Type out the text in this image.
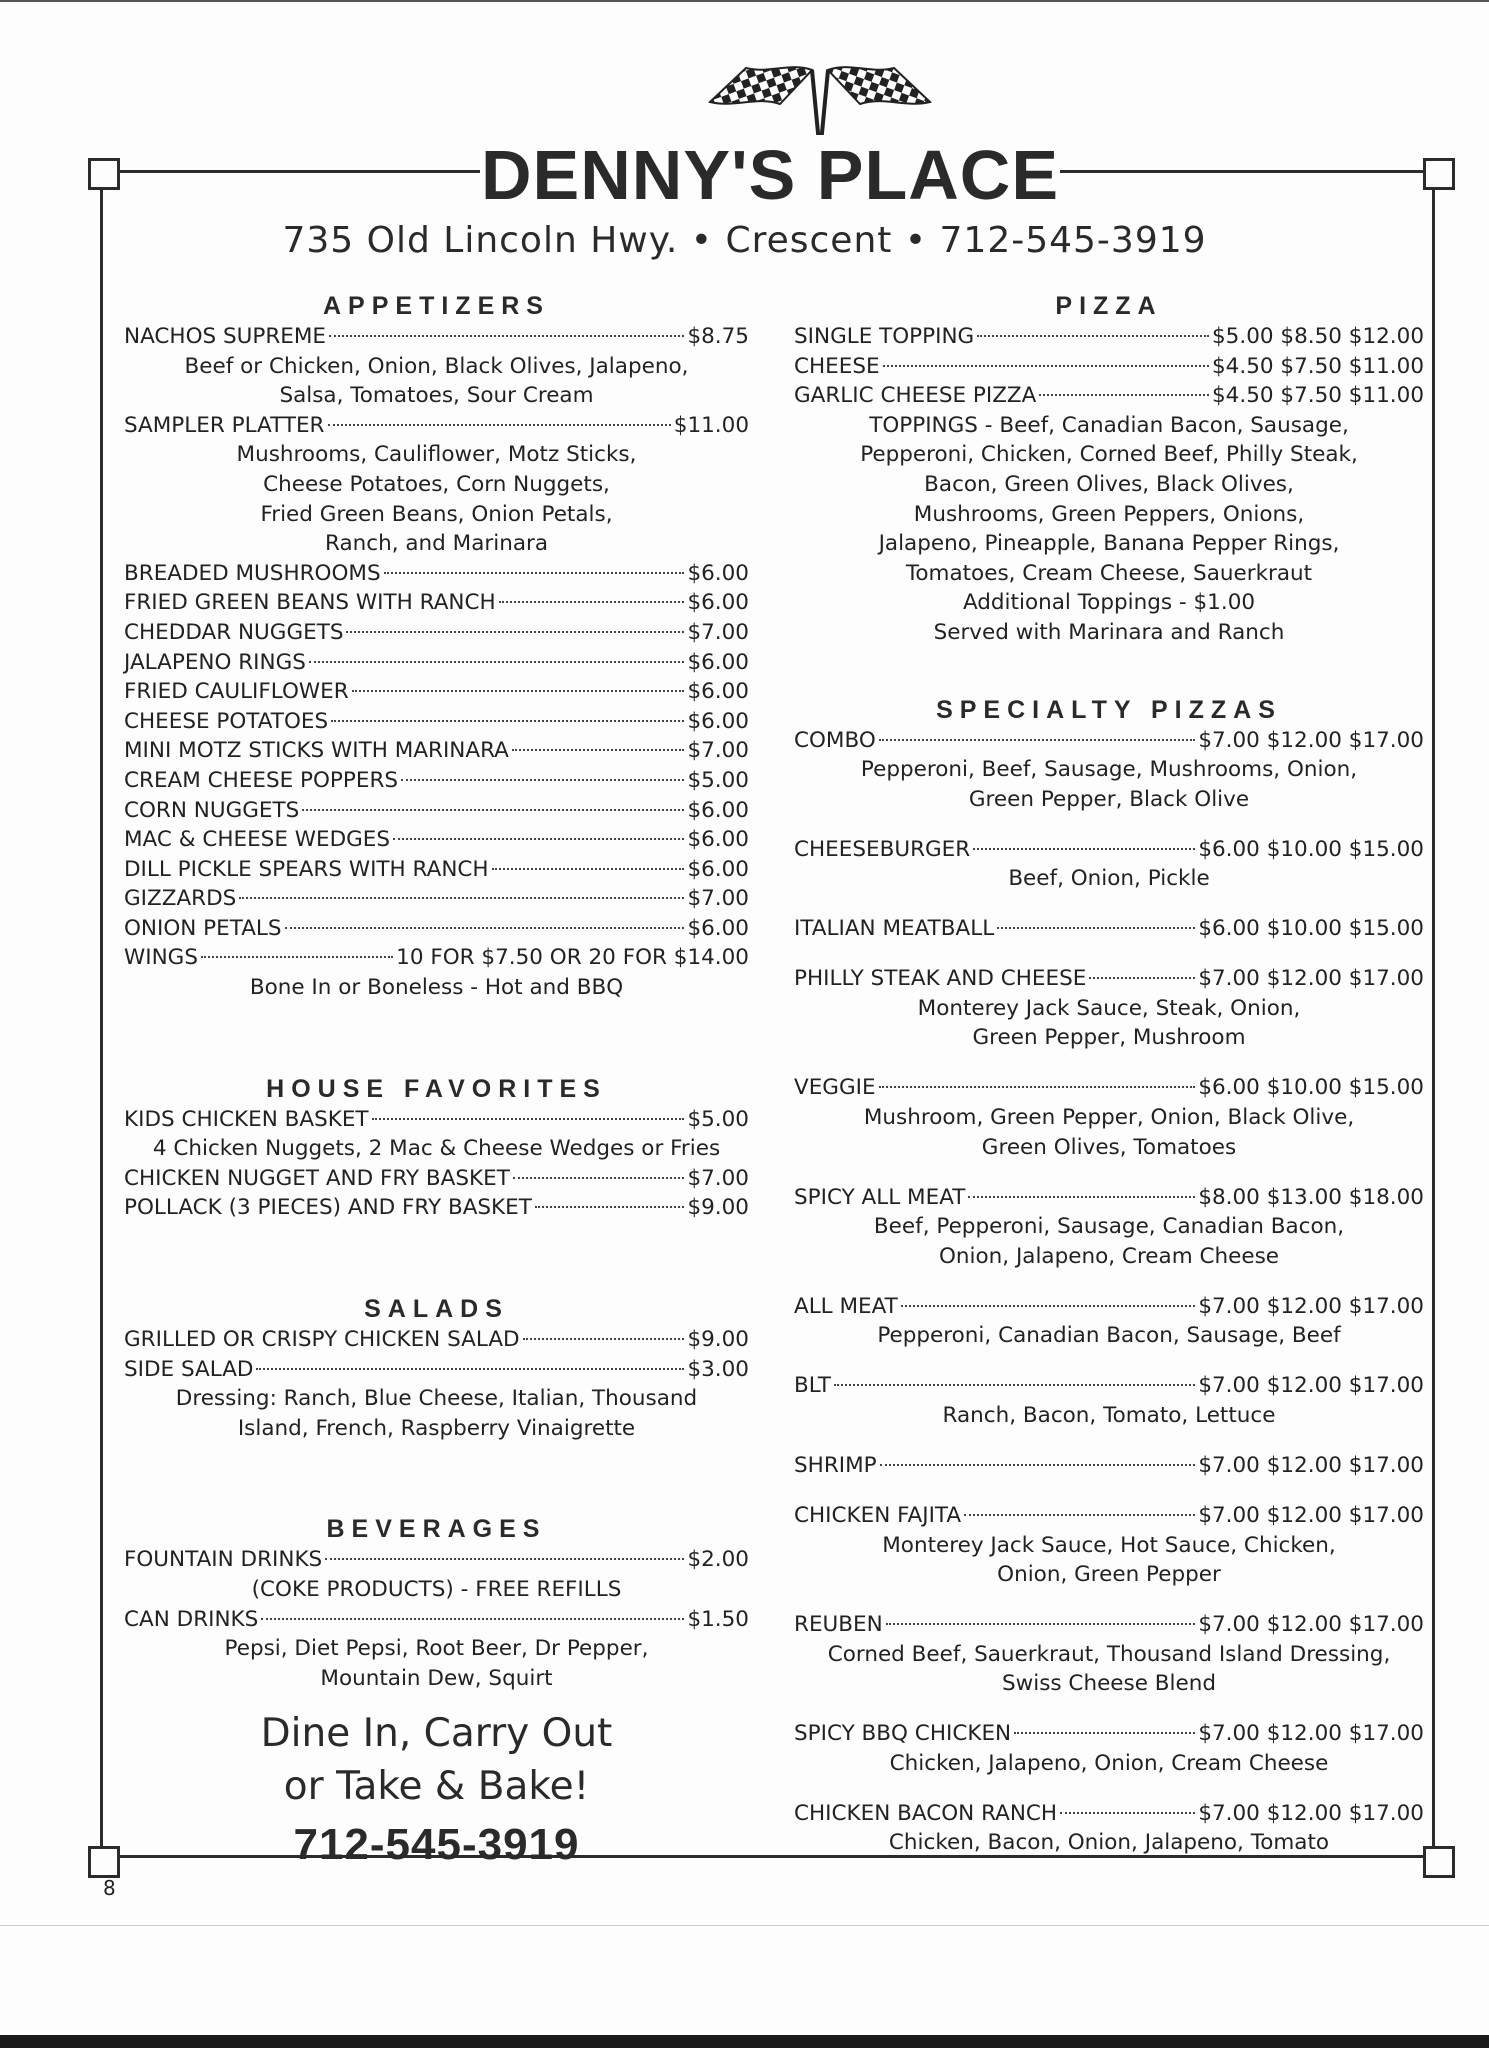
DENNY'S PLACE
735 Old Lincoln Hwy. • Crescent • 712-545-3919
APPETIZERS
NACHOS SUPREME	$8.75
Beef or Chicken, Onion, Black Olives, Jalapeno,
Salsa, Tomatoes, Sour Cream
SAMPLER PLATTER	$11.00
Mushrooms, Cauliflower, Motz Sticks,
Cheese Potatoes, Corn Nuggets,
Fried Green Beans, Onion Petals,
Ranch, and Marinara
BREADED MUSHROOMS	$6.00
FRIED GREEN BEANS WITH RANCH	$6.00
CHEDDAR NUGGETS	$7.00
JALAPENO RINGS	$6.00
FRIED CAULIFLOWER	$6.00
CHEESE POTATOES	$6.00
MINI MOTZ STICKS WITH MARINARA	$7.00
CREAM CHEESE POPPERS	$5.00
CORN NUGGETS	$6.00
MAC & CHEESE WEDGES	$6.00
DILL PICKLE SPEARS WITH RANCH	$6.00
GIZZARDS	$7.00
ONION PETALS	$6.00
WINGS	10 FOR $7.50 OR 20 FOR $14.00
Bone In or Boneless - Hot and BBQ
HOUSE FAVORITES
KIDS CHICKEN BASKET	$5.00
4 Chicken Nuggets, 2 Mac & Cheese Wedges or Fries
CHICKEN NUGGET AND FRY BASKET	$7.00
POLLACK (3 PIECES) AND FRY BASKET	$9.00
SALADS
GRILLED OR CRISPY CHICKEN SALAD	$9.00
SIDE SALAD	$3.00
Dressing: Ranch, Blue Cheese, Italian, Thousand
Island, French, Raspberry Vinaigrette
BEVERAGES
FOUNTAIN DRINKS	$2.00
(COKE PRODUCTS) - FREE REFILLS
CAN DRINKS	$1.50
Pepsi, Diet Pepsi, Root Beer, Dr Pepper,
Mountain Dew, Squirt
Dine In, Carry Out
or Take & Bake!
712-545-3919
PIZZA
SINGLE TOPPING	$5.00 $8.50 $12.00
CHEESE	$4.50 $7.50 $11.00
GARLIC CHEESE PIZZA	$4.50 $7.50 $11.00
TOPPINGS - Beef, Canadian Bacon, Sausage,
Pepperoni, Chicken, Corned Beef, Philly Steak,
Bacon, Green Olives, Black Olives,
Mushrooms, Green Peppers, Onions,
Jalapeno, Pineapple, Banana Pepper Rings,
Tomatoes, Cream Cheese, Sauerkraut
Additional Toppings - $1.00
Served with Marinara and Ranch
SPECIALTY PIZZAS
COMBO	$7.00 $12.00 $17.00
Pepperoni, Beef, Sausage, Mushrooms, Onion,
Green Pepper, Black Olive
CHEESEBURGER	$6.00 $10.00 $15.00
Beef, Onion, Pickle
ITALIAN MEATBALL	$6.00 $10.00 $15.00
PHILLY STEAK AND CHEESE	$7.00 $12.00 $17.00
Monterey Jack Sauce, Steak, Onion,
Green Pepper, Mushroom
VEGGIE	$6.00 $10.00 $15.00
Mushroom, Green Pepper, Onion, Black Olive,
Green Olives, Tomatoes
SPICY ALL MEAT	$8.00 $13.00 $18.00
Beef, Pepperoni, Sausage, Canadian Bacon,
Onion, Jalapeno, Cream Cheese
ALL MEAT	$7.00 $12.00 $17.00
Pepperoni, Canadian Bacon, Sausage, Beef
BLT	$7.00 $12.00 $17.00
Ranch, Bacon, Tomato, Lettuce
SHRIMP	$7.00 $12.00 $17.00
CHICKEN FAJITA	$7.00 $12.00 $17.00
Monterey Jack Sauce, Hot Sauce, Chicken,
Onion, Green Pepper
REUBEN	$7.00 $12.00 $17.00
Corned Beef, Sauerkraut, Thousand Island Dressing,
Swiss Cheese Blend
SPICY BBQ CHICKEN	$7.00 $12.00 $17.00
Chicken, Jalapeno, Onion, Cream Cheese
CHICKEN BACON RANCH	$7.00 $12.00 $17.00
Chicken, Bacon, Onion, Jalapeno, Tomato
8
